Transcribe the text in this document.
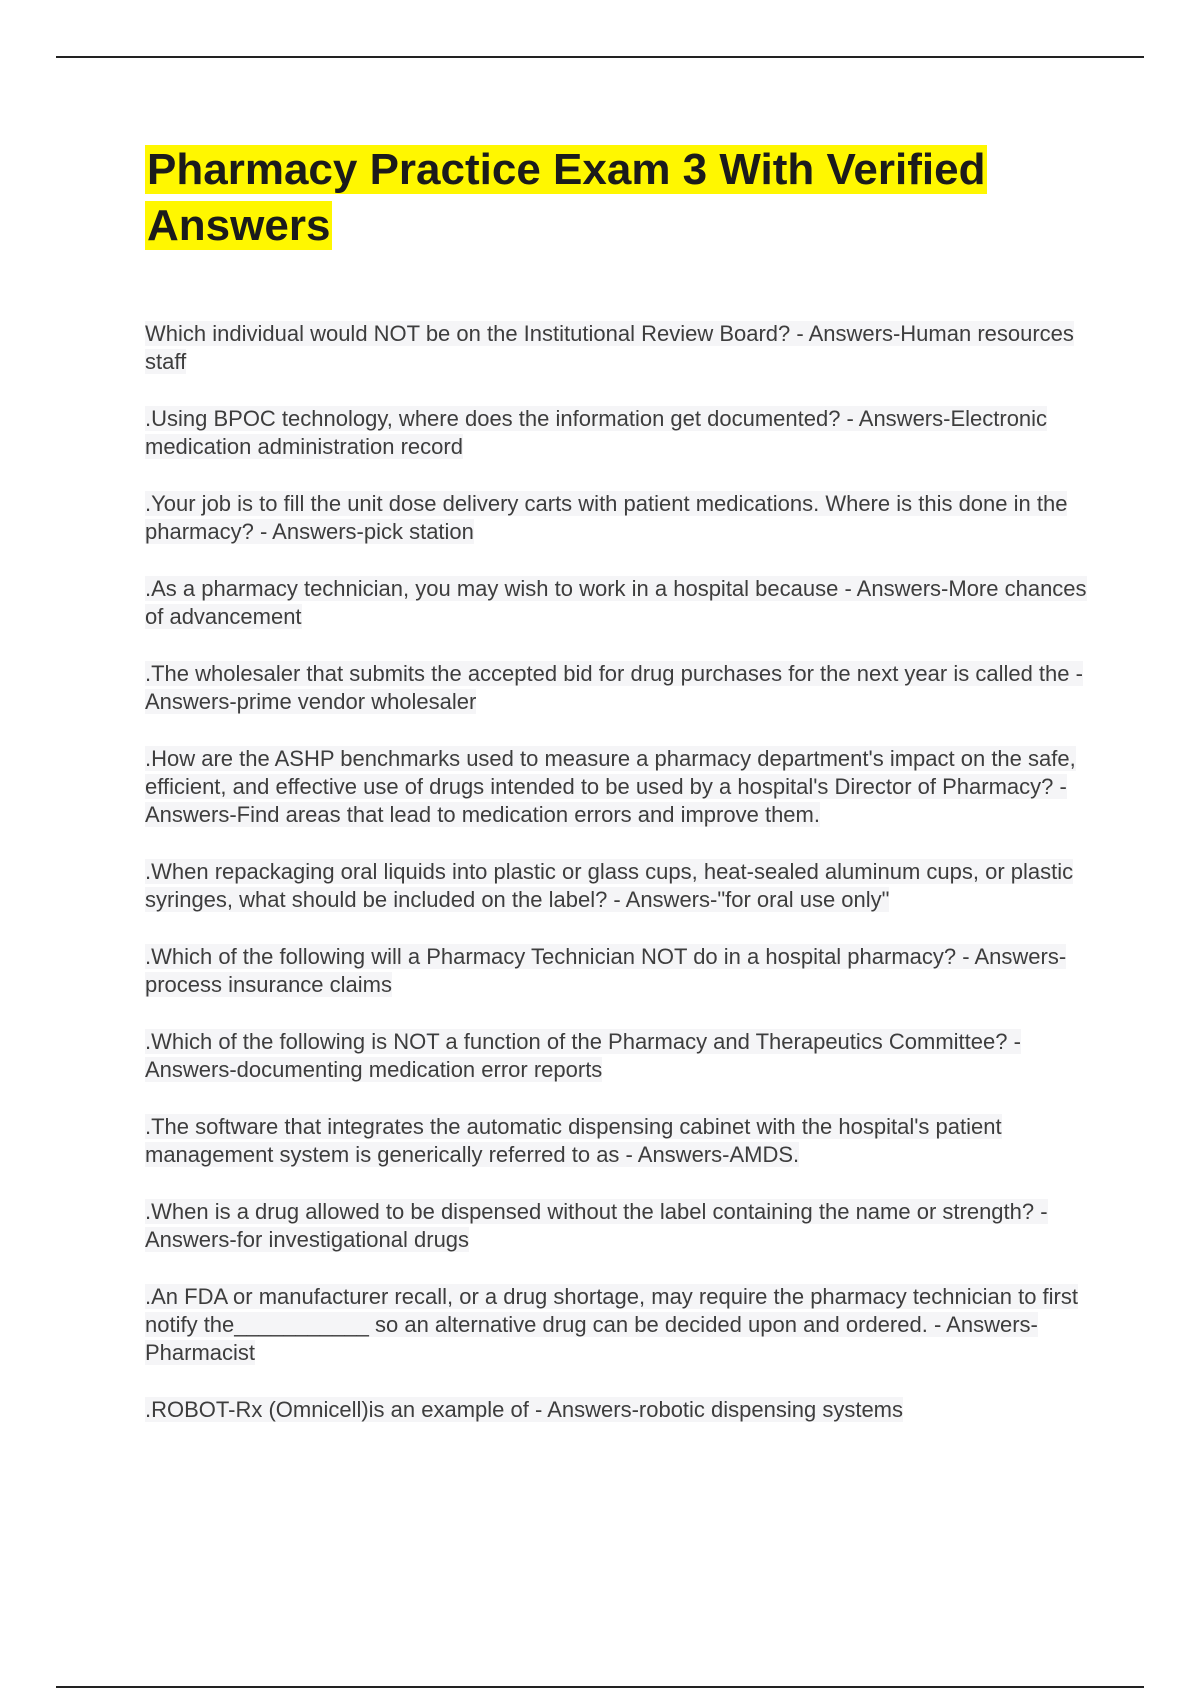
Pharmacy Practice Exam 3 With Verified Answers

Which individual would NOT be on the Institutional Review Board? - Answers-Human resources staff

.Using BPOC technology, where does the information get documented? - Answers-Electronic medication administration record

.Your job is to fill the unit dose delivery carts with patient medications. Where is this done in the pharmacy? - Answers-pick station

.As a pharmacy technician, you may wish to work in a hospital because - Answers-More chances of advancement

.The wholesaler that submits the accepted bid for drug purchases for the next year is called the - Answers-prime vendor wholesaler

.How are the ASHP benchmarks used to measure a pharmacy department's impact on the safe, efficient, and effective use of drugs intended to be used by a hospital's Director of Pharmacy? - Answers-Find areas that lead to medication errors and improve them.

.When repackaging oral liquids into plastic or glass cups, heat-sealed aluminum cups, or plastic syringes, what should be included on the label? - Answers-"for oral use only"

.Which of the following will a Pharmacy Technician NOT do in a hospital pharmacy? - Answers-process insurance claims

.Which of the following is NOT a function of the Pharmacy and Therapeutics Committee? - Answers-documenting medication error reports

.The software that integrates the automatic dispensing cabinet with the hospital's patient management system is generically referred to as - Answers-AMDS.

.When is a drug allowed to be dispensed without the label containing the name or strength? - Answers-for investigational drugs

.An FDA or manufacturer recall, or a drug shortage, may require the pharmacy technician to first notify the___________ so an alternative drug can be decided upon and ordered. - Answers-Pharmacist

.ROBOT-Rx (Omnicell)is an example of - Answers-robotic dispensing systems
